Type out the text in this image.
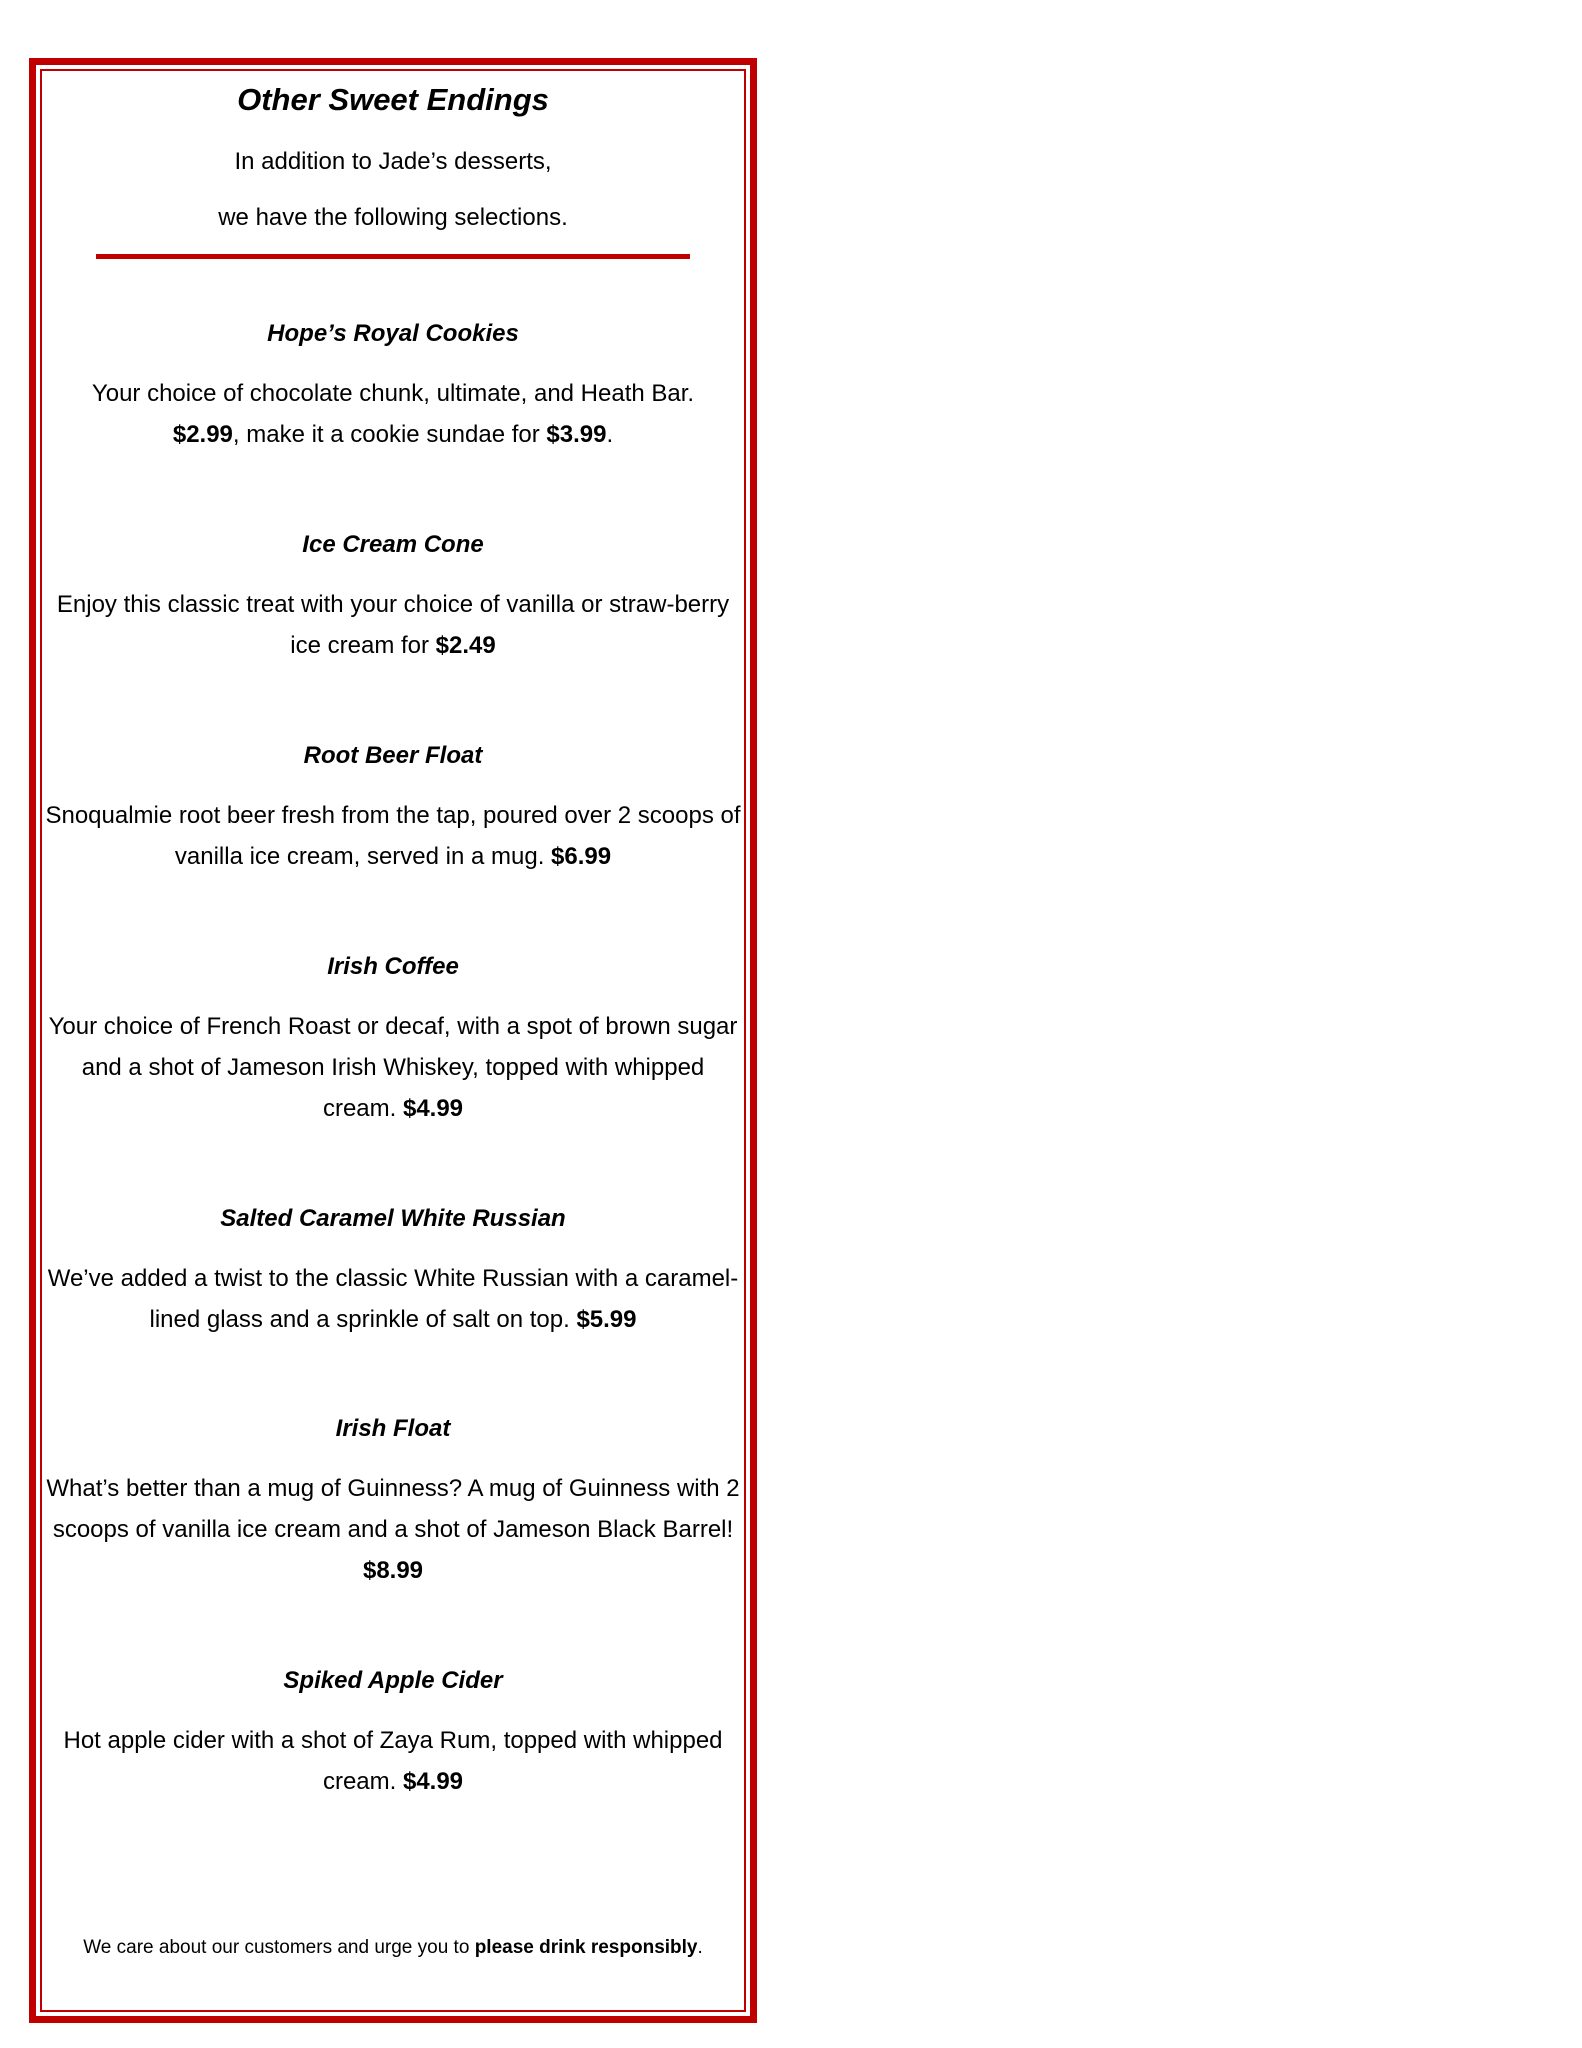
Other Sweet Endings

In addition to Jade’s desserts,

we have the following selections.

Hope’s Royal Cookies

Your choice of chocolate chunk, ultimate, and Heath Bar.
$2.99, make it a cookie sundae for $3.99.

Ice Cream Cone

Enjoy this classic treat with your choice of vanilla or straw-berry ice cream for $2.49

Root Beer Float

Snoqualmie root beer fresh from the tap, poured over 2 scoops of vanilla ice cream, served in a mug. $6.99

Irish Coffee

Your choice of French Roast or decaf, with a spot of brown sugar and a shot of Jameson Irish Whiskey, topped with whipped cream. $4.99

Salted Caramel White Russian

We’ve added a twist to the classic White Russian with a caramel-lined glass and a sprinkle of salt on top. $5.99

Irish Float

What’s better than a mug of Guinness? A mug of Guinness with 2 scoops of vanilla ice cream and a shot of Jameson Black Barrel! $8.99

Spiked Apple Cider

Hot apple cider with a shot of Zaya Rum, topped with whipped cream. $4.99

We care about our customers and urge you to please drink responsibly.
